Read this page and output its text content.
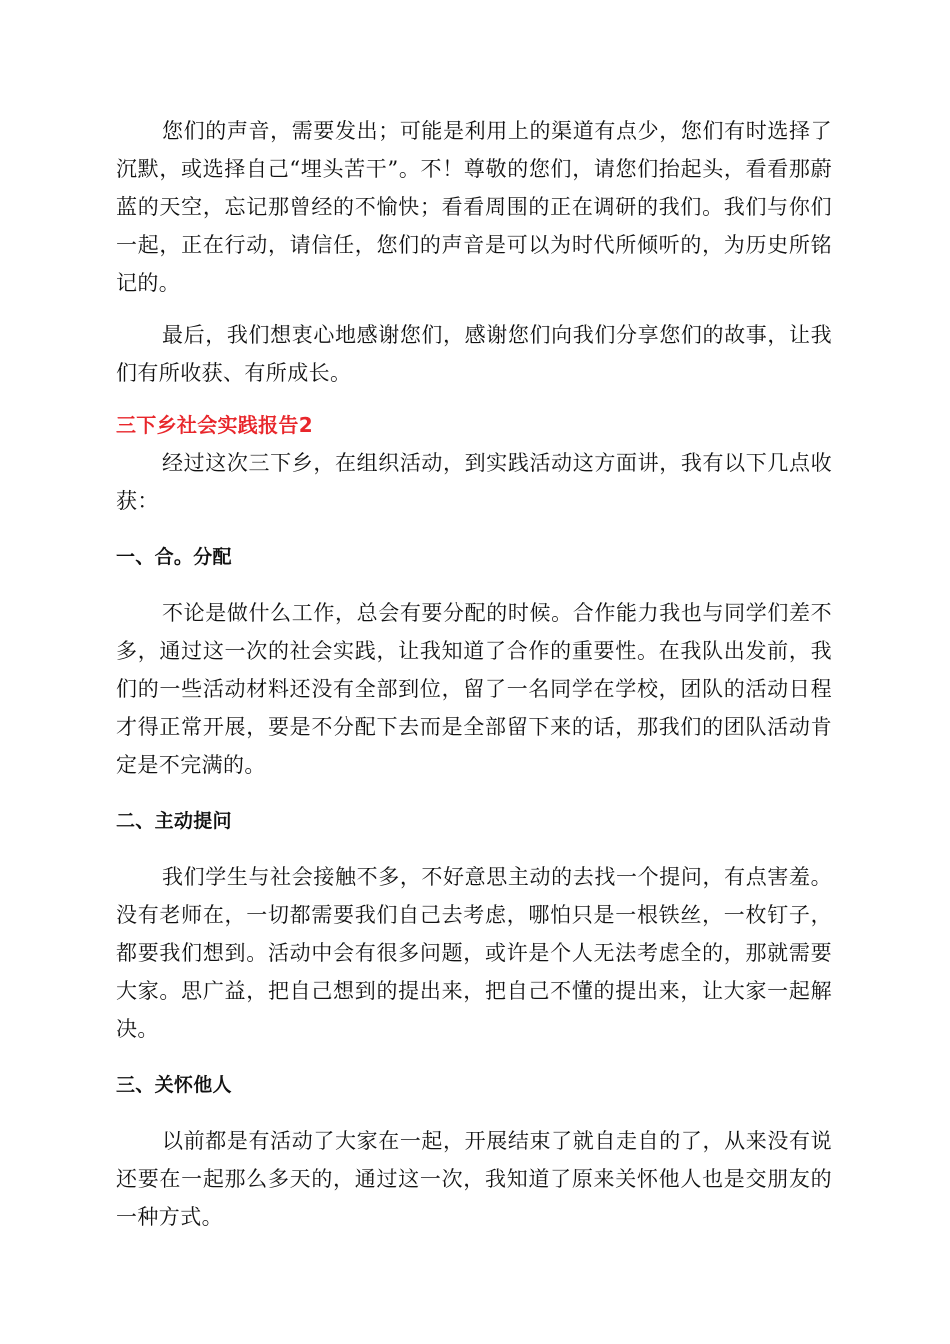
您们的声音，需要发出；可能是利用上的渠道有点少，您们有时选择了沉默，或选择自己“埋头苦干”。不！尊敬的您们，请您们抬起头，看看那蔚蓝的天空，忘记那曾经的不愉快；看看周围的正在调研的我们。我们与你们一起，正在行动，请信任，您们的声音是可以为时代所倾听的，为历史所铭记的。

最后，我们想衷心地感谢您们，感谢您们向我们分享您们的故事，让我们有所收获、有所成长。

三下乡社会实践报告2

经过这次三下乡，在组织活动，到实践活动这方面讲，我有以下几点收获：

一、合。分配

不论是做什么工作，总会有要分配的时候。合作能力我也与同学们差不多，通过这一次的社会实践，让我知道了合作的重要性。在我队出发前，我们的一些活动材料还没有全部到位，留了一名同学在学校，团队的活动日程才得正常开展，要是不分配下去而是全部留下来的话，那我们的团队活动肯定是不完满的。

二、主动提问

我们学生与社会接触不多，不好意思主动的去找一个提问，有点害羞。没有老师在，一切都需要我们自己去考虑，哪怕只是一根铁丝，一枚钉子，都要我们想到。活动中会有很多问题，或许是个人无法考虑全的，那就需要大家。思广益，把自己想到的提出来，把自己不懂的提出来，让大家一起解决。

三、关怀他人

以前都是有活动了大家在一起，开展结束了就自走自的了，从来没有说还要在一起那么多天的，通过这一次，我知道了原来关怀他人也是交朋友的一种方式。
